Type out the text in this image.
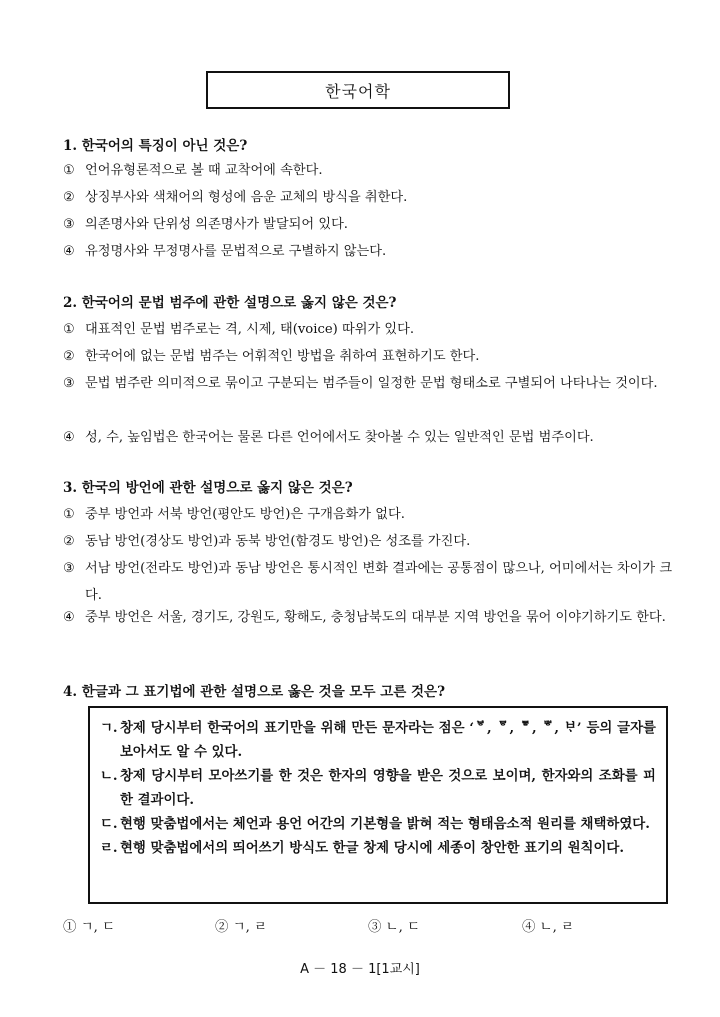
한국어학
1. 한국어의 특징이 아닌 것은?
① 언어유형론적으로 볼 때 교착어에 속한다.
② 상징부사와 색채어의 형성에 음운 교체의 방식을 취한다.
③ 의존명사와 단위성 의존명사가 발달되어 있다.
④ 유정명사와 무정명사를 문법적으로 구별하지 않는다.
2. 한국어의 문법 범주에 관한 설명으로 옳지 않은 것은?
① 대표적인 문법 범주로는 격, 시제, 태(voice) 따위가 있다.
② 한국어에 없는 문법 범주는 어휘적인 방법을 취하여 표현하기도 한다.
③ 문법 범주란 의미적으로 묶이고 구분되는 범주들이 일정한 문법 형태소로 구별되어 나타나는 것이다.
④ 성, 수, 높임법은 한국어는 물론 다른 언어에서도 찾아볼 수 있는 일반적인 문법 범주이다.
3. 한국의 방언에 관한 설명으로 옳지 않은 것은?
① 중부 방언과 서북 방언(평안도 방언)은 구개음화가 없다.
② 동남 방언(경상도 방언)과 동북 방언(함경도 방언)은 성조를 가진다.
③ 서남 방언(전라도 방언)과 동남 방언은 통시적인 변화 결과에는 공통점이 많으나, 어미에서는 차이가 크다.
④ 중부 방언은 서울, 경기도, 강원도, 황해도, 충청남북도의 대부분 지역 방언을 묶어 이야기하기도 한다.
4. 한글과 그 표기법에 관한 설명으로 옳은 것을 모두 고른 것은?
ㄱ. 창제 당시부터 한국어의 표기만을 위해 만든 문자라는 점은 ‘ᄫ, ᄝ, ᄛ, ᄬ, ᄇᆞ’ 등의 글자를 보아서도 알 수 있다.
ㄴ. 창제 당시부터 모아쓰기를 한 것은 한자의 영향을 받은 것으로 보이며, 한자와의 조화를 피한 결과이다.
ㄷ. 현행 맞춤법에서는 체언과 용언 어간의 기본형을 밝혀 적는 형태음소적 원리를 채택하였다.
ㄹ. 현행 맞춤법에서의 띄어쓰기 방식도 한글 창제 당시에 세종이 창안한 표기의 원칙이다.
① ㄱ, ㄷ	② ㄱ, ㄹ	③ ㄴ, ㄷ	④ ㄴ, ㄹ
A － 18 － 1[1교시]
